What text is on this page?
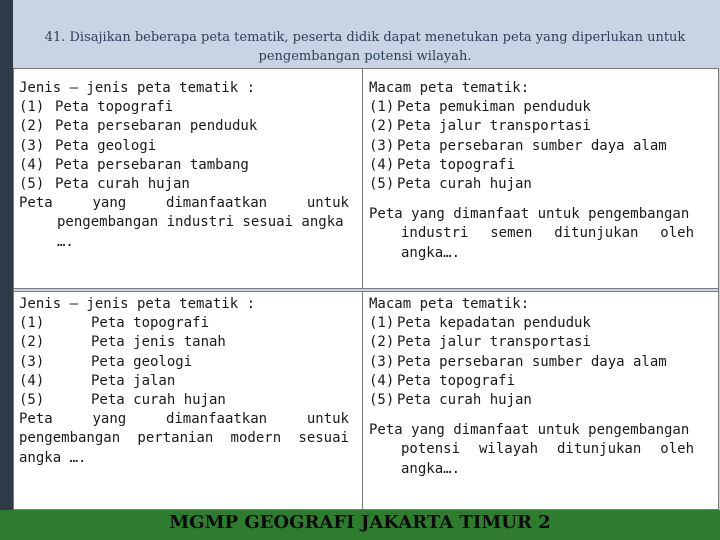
41. Disajikan beberapa peta tematik, peserta didik dapat menetukan peta yang diperlukan untuk pengembangan potensi wilayah.
Jenis – jenis peta tematik :
(1) Peta topografi
(2) Peta persebaran penduduk
(3) Peta geologi
(4) Peta persebaran tambang
(5) Peta curah hujan
Peta	yang	dimanfaatkan	untuk
pengembangan industri sesuai angka
….
Macam peta tematik:
(1) Peta pemukiman penduduk
(2) Peta jalur transportasi
(3) Peta persebaran sumber daya alam
(4) Peta topografi
(5) Peta curah hujan
Peta yang dimanfaat untuk pengembangan
industri semen ditunjukan oleh
angka….
Jenis – jenis peta tematik :
(1)	Peta topografi
(2)	Peta jenis tanah
(3)	Peta geologi
(4)	Peta jalan
(5)	Peta curah hujan
Peta	yang	dimanfaatkan	untuk
pengembangan pertanian modern sesuai
angka ….
Macam peta tematik:
(1) Peta kepadatan penduduk
(2) Peta jalur transportasi
(3) Peta persebaran sumber daya alam
(4) Peta topografi
(5) Peta curah hujan
Peta yang dimanfaat untuk pengembangan
potensi wilayah ditunjukan oleh
angka….
MGMP GEOGRAFI JAKARTA TIMUR 2
